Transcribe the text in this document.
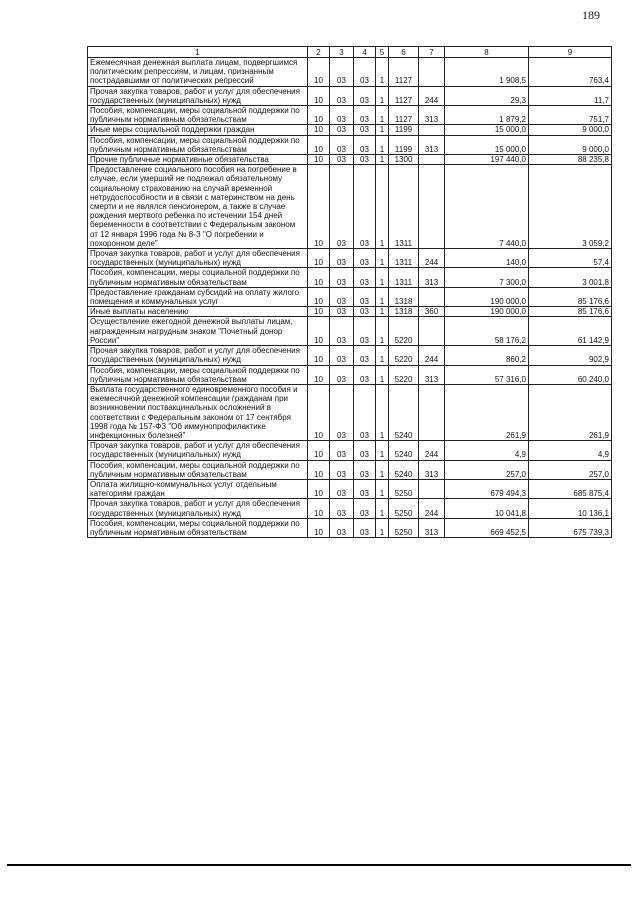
189
1	2	3	4	5	6	7	8	9
Ежемесячная денежная выплата лицам, подвергшимся политическим репрессиям, и лицам, признанным пострадавшими от политических репрессий	10	03	03	1	1127		1 908,5	763,4
Прочая закупка товаров, работ и услуг для обеспечения государственных (муниципальных) нужд	10	03	03	1	1127	244	29,3	11,7
Пособия, компенсации, меры социальной поддержки по публичным нормативным обязательствам	10	03	03	1	1127	313	1 879,2	751,7
Иные меры социальной поддержки граждан	10	03	03	1	1199		15 000,0	9 000,0
Пособия, компенсации, меры социальной поддержки по публичным нормативным обязательствам	10	03	03	1	1199	313	15 000,0	9 000,0
Прочие публичные нормативные обязательства	10	03	03	1	1300		197 440,0	88 235,8
Предоставление социального пособия на погребение в случае, если умерший не подлежал обязательному социальному страхованию на случай временной нетрудоспособности и в связи с материнством на день смерти и не являлся пенсионером, а также в случае рождения мертвого ребенка по истечении 154 дней беременности в соответствии с Федеральным законом от 12 января 1996 года № 8-З "О погребении и похоронном деле"	10	03	03	1	1311		7 440,0	3 059,2
Прочая закупка товаров, работ и услуг для обеспечения государственных (муниципальных) нужд	10	03	03	1	1311	244	140,0	57,4
Пособия, компенсации, меры социальной поддержки по публичным нормативным обязательствам	10	03	03	1	1311	313	7 300,0	3 001,8
Предоставление гражданам субсидий на оплату жилого помещения и коммунальных услуг	10	03	03	1	1318		190 000,0	85 176,6
Иные выплаты населению	10	03	03	1	1318	360	190 000,0	85 176,6
Осуществление ежегодной денежной выплаты лицам, награжденным нагрудным знаком "Почетный донор России"	10	03	03	1	5220		58 176,2	61 142,9
Прочая закупка товаров, работ и услуг для обеспечения государственных (муниципальных) нужд	10	03	03	1	5220	244	860,2	902,9
Пособия, компенсации, меры социальной поддержки по публичным нормативным обязательствам	10	03	03	1	5220	313	57 316,0	60 240,0
Выплата государственного единовременного пособия и ежемесячной денежной компенсации гражданам при возникновении поствакцинальных осложнений в соответствии с Федеральным законом от 17 сентября 1998 года № 157-ФЗ "Об иммунопрофилактике инфекционных болезней"	10	03	03	1	5240		261,9	261,9
Прочая закупка товаров, работ и услуг для обеспечения государственных (муниципальных) нужд	10	03	03	1	5240	244	4,9	4,9
Пособия, компенсации, меры социальной поддержки по публичным нормативным обязательствам	10	03	03	1	5240	313	257,0	257,0
Оплата жилищно-коммунальных услуг отдельным категориям граждан	10	03	03	1	5250		679 494,3	685 875,4
Прочая закупка товаров, работ и услуг для обеспечения государственных (муниципальных) нужд	10	03	03	1	5250	244	10 041,8	10 136,1
Пособия, компенсации, меры социальной поддержки по публичным нормативным обязательствам	10	03	03	1	5250	313	669 452,5	675 739,3
